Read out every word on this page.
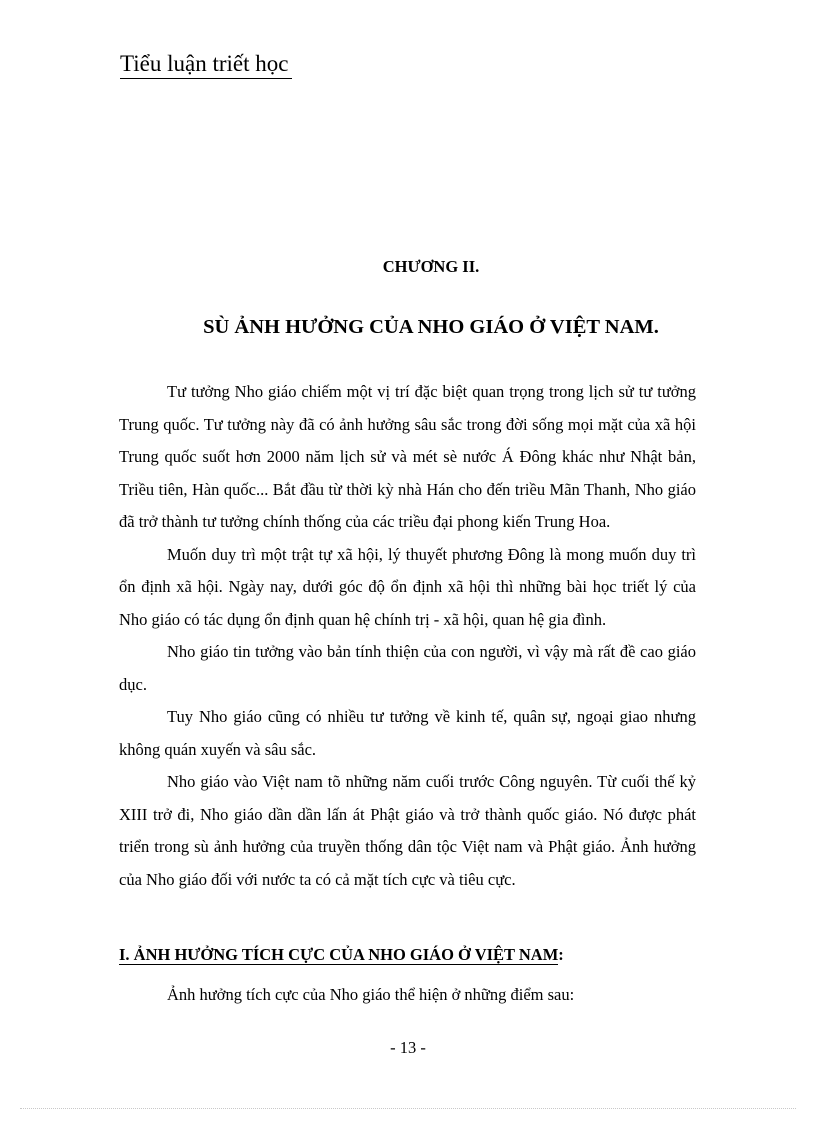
Tiểu luận triết học
CHƯƠNG II.
SÙ ẢNH HƯỞNG CỦA NHO GIÁO Ở VIỆT NAM.

Tư tưởng Nho giáo chiếm một vị trí đặc biệt quan trọng trong lịch sử tư tưởng Trung quốc. Tư tưởng này đã có ảnh hưởng sâu sắc trong đời sống mọi mặt của xã hội Trung quốc suốt hơn 2000 năm lịch sử và mét sè nước Á Đông khác như Nhật bản, Triều tiên, Hàn quốc... Bắt đầu từ thời kỳ nhà Hán cho đến triều Mãn Thanh, Nho giáo đã trở thành tư tưởng chính thống của các triều đại phong kiến Trung Hoa.

Muốn duy trì một trật tự xã hội, lý thuyết phương Đông là mong muốn duy trì ổn định xã hội. Ngày nay, dưới góc độ ổn định xã hội thì những bài học triết lý của Nho giáo có tác dụng ổn định quan hệ chính trị - xã hội, quan hệ gia đình.

Nho giáo tin tưởng vào bản tính thiện của con người, vì vậy mà rất đề cao giáo dục.

Tuy Nho giáo cũng có nhiều tư tưởng về kinh tế, quân sự, ngoại giao nhưng không quán xuyến và sâu sắc.

Nho giáo vào Việt nam tõ những năm cuối trước Công nguyên. Từ cuối thế kỷ XIII trở đi, Nho giáo dần dần lấn át Phật giáo và trở thành quốc giáo. Nó được phát triển trong sù ảnh hưởng của truyền thống dân tộc Việt nam và Phật giáo. Ảnh hưởng của Nho giáo đối với nước ta có cả mặt tích cực và tiêu cực.

I. ẢNH HƯỞNG TÍCH CỰC CỦA NHO GIÁO Ở VIỆT NAM:
Ảnh hưởng tích cực của Nho giáo thể hiện ở những điểm sau:
- 13 -
